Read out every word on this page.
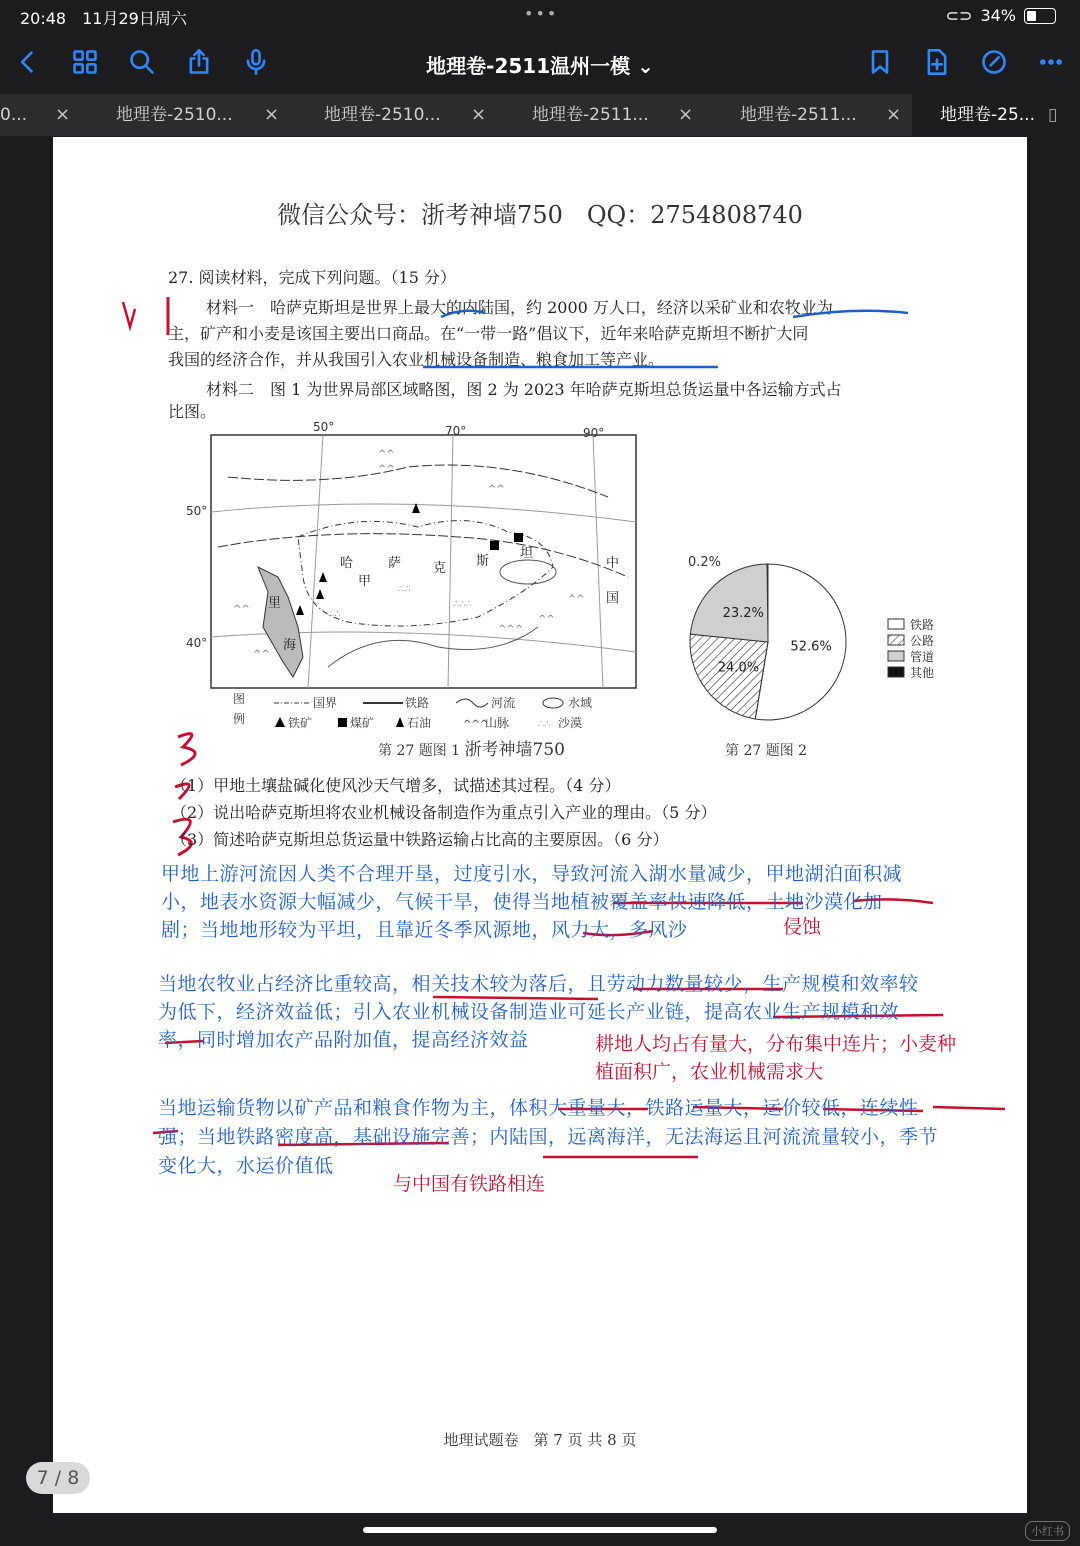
20:48　 11月29日周六	•••	⊂⊃ 34%
地理卷-2511温州一模 ⌄
0... ×	地理卷-2510... ×	地理卷-2510... ×	地理卷-2511... ×	地理卷-2511... × 地理卷-25... ▯
微信公众号：浙考神墙750　QQ：2754808740
27. 阅读材料，完成下列问题。（15 分）
材料一　哈萨克斯坦是世界上最大的内陆国，约 2000 万人口，经济以采矿业和农牧业为
主，矿产和小麦是该国主要出口商品。在“一带一路”倡议下，近年来哈萨克斯坦不断扩大同
我国的经济合作，并从我国引入农业机械设备制造、粮食加工等产业。
材料二　图 1 为世界局部区域略图，图 2 为 2023 年哈萨克斯坦总货运量中各运输方式占
比图。
50°	70°	90°
50°
40°
哈
甲
萨 克 斯
坦
里
海
中
国
^^
^^
^^
^^^
^^
^^
^^
^^
∴∴
∴∴∴
∴∴
图
例
国界	铁路	河流	水域
铁矿	煤矿	石油	^^^
山脉	∴∴ 沙漠
第 27 题图 1 浙考神墙750
52.6%
24.0%
23.2%
0.2%
铁路
公路
管道
其他
第 27 题图 2
（1）甲地土壤盐碱化使风沙天气增多，试描述其过程。（4 分）
（2）说出哈萨克斯坦将农业机械设备制造作为重点引入产业的理由。（5 分）
（3）简述哈萨克斯坦总货运量中铁路运输占比高的主要原因。（6 分）
甲地上游河流因人类不合理开垦，过度引水，导致河流入湖水量减少，甲地湖泊面积减
小，地表水资源大幅减少，气候干旱，使得当地植被覆盖率快速降低，土地沙漠化加
剧；当地地形较为平坦，且靠近冬季风源地，风力大，多风沙	侵蚀
当地农牧业占经济比重较高，相关技术较为落后，且劳动力数量较少，生产规模和效率较
为低下，经济效益低；引入农业机械设备制造业可延长产业链，提高农业生产规模和效
率，同时增加农产品附加值，提高经济效益	耕地人均占有量大，分布集中连片；小麦种
植面积广，农业机械需求大
当地运输货物以矿产品和粮食作物为主，体积大重量大，铁路运量大，运价较低，连续性
强；当地铁路密度高，基础设施完善；内陆国，远离海洋，无法海运且河流流量较小，季节
变化大，水运价值低
与中国有铁路相连
地理试题卷　第 7 页 共 8 页
7 / 8
小红书
